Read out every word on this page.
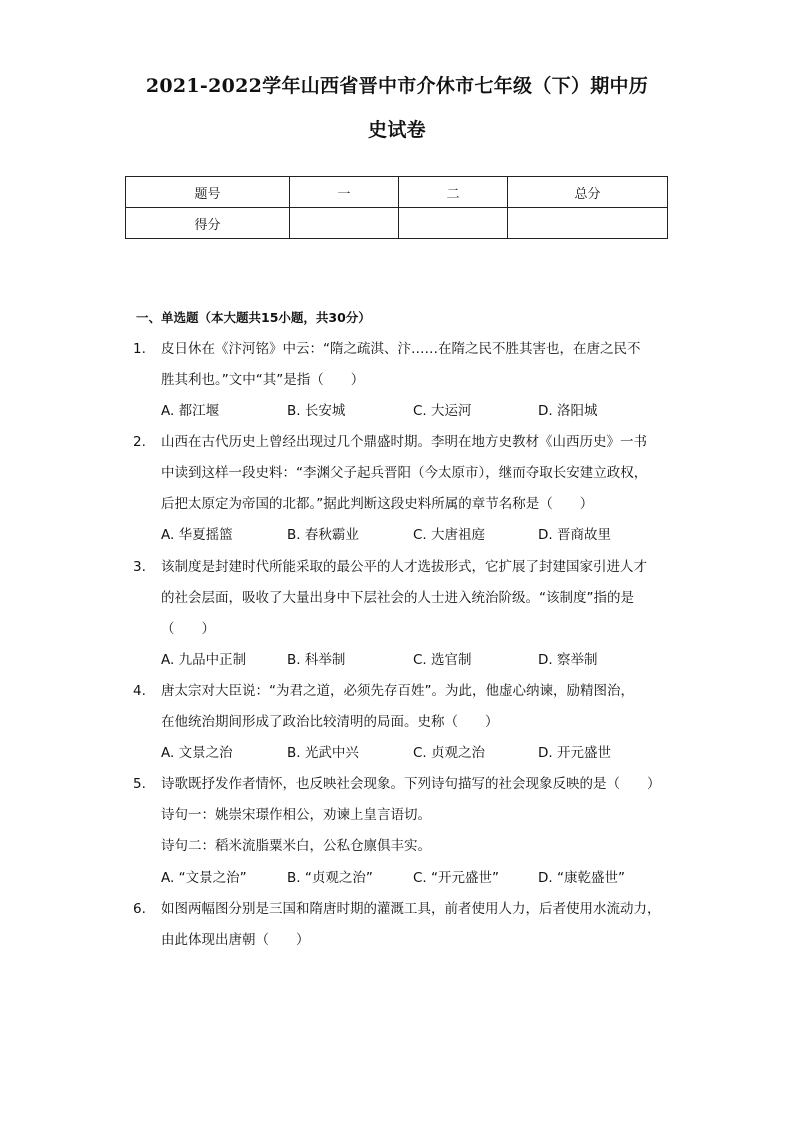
2021-2022学年山西省晋中市介休市七年级（下）期中历
史试卷
题号	一	二	总分
得分			
一、单选题（本大题共15小题，共30分）
1. 皮日休在《汴河铭》中云：“隋之疏淇、汴……在隋之民不胜其害也，在唐之民不
胜其利也。”文中“其”是指（　　）
A. 都江堰	B. 长安城	C. 大运河	D. 洛阳城
2. 山西在古代历史上曾经出现过几个鼎盛时期。李明在地方史教材《山西历史》一书
中读到这样一段史料：“李渊父子起兵晋阳（今太原市），继而夺取长安建立政权，
后把太原定为帝国的北都。”据此判断这段史料所属的章节名称是（　　）
A. 华夏摇篮	B. 春秋霸业	C. 大唐祖庭	D. 晋商故里
3. 该制度是封建时代所能采取的最公平的人才选拔形式，它扩展了封建国家引进人才
的社会层面，吸收了大量出身中下层社会的人士进入统治阶级。“该制度”指的是
（　　）
A. 九品中正制	B. 科举制	C. 选官制	D. 察举制
4. 唐太宗对大臣说：“为君之道，必须先存百姓”。为此，他虚心纳谏，励精图治，
在他统治期间形成了政治比较清明的局面。史称（　　）
A. 文景之治	B. 光武中兴	C. 贞观之治	D. 开元盛世
5. 诗歌既抒发作者情怀，也反映社会现象。下列诗句描写的社会现象反映的是（　　）
诗句一：姚崇宋璟作相公，劝谏上皇言语切。
诗句二：稻米流脂粟米白，公私仓廪俱丰实。
A. “文景之治”	B. “贞观之治”	C. “开元盛世”	D. “康乾盛世”
6. 如图两幅图分别是三国和隋唐时期的灌溉工具，前者使用人力，后者使用水流动力，
由此体现出唐朝（　　）
